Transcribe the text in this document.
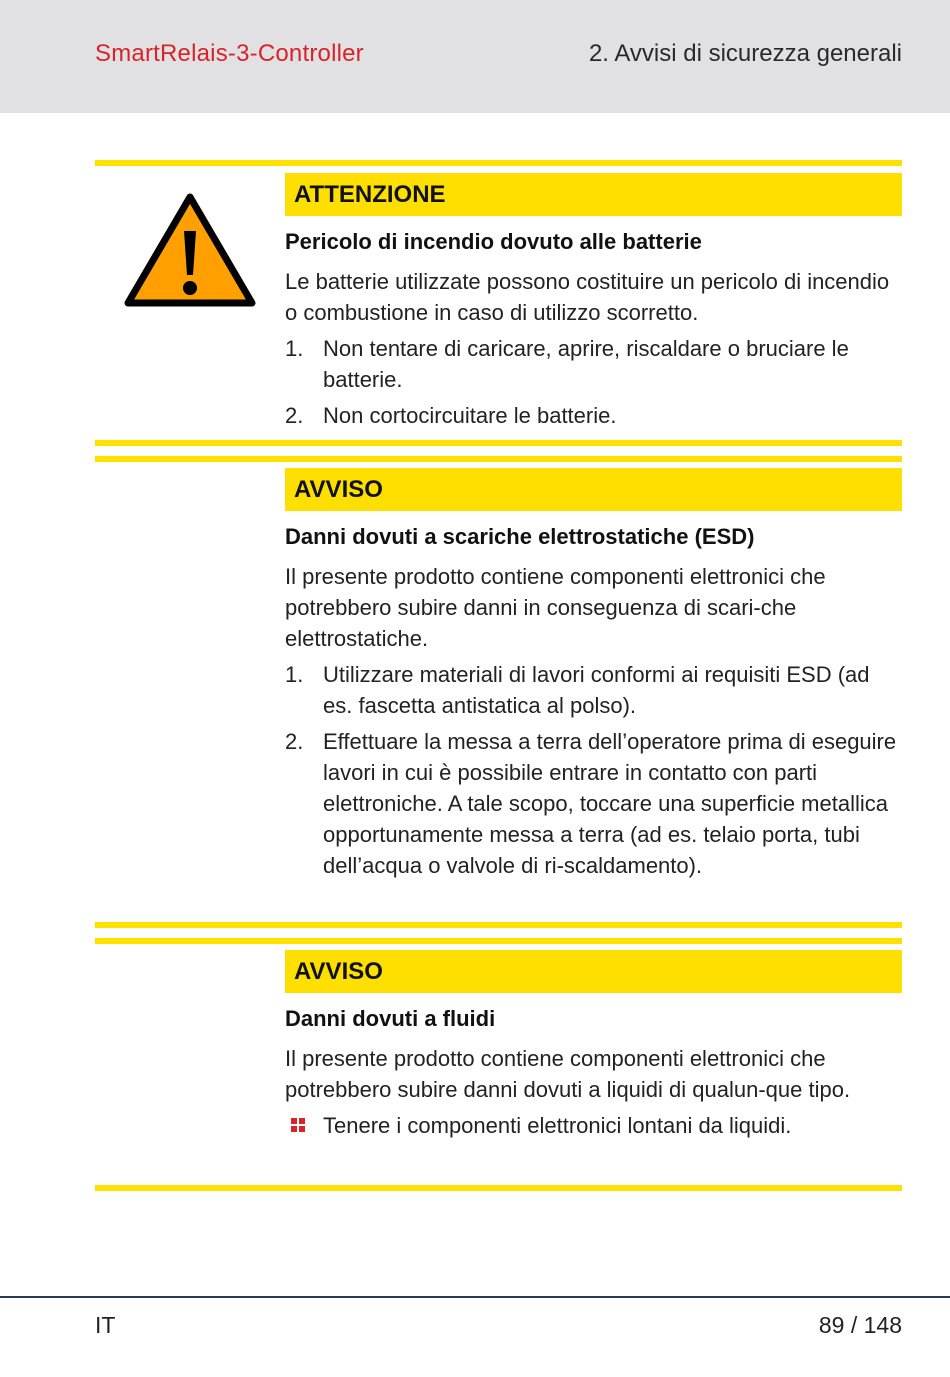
SmartRelais-3-Controller	2. Avvisi di sicurezza generali
ATTENZIONE
Pericolo di incendio dovuto alle batterie
Le batterie utilizzate possono costituire un pericolo di incendio o combustione in caso di utilizzo scorretto.
1. Non tentare di caricare, aprire, riscaldare o bruciare le batterie.
2. Non cortocircuitare le batterie.
AVVISO
Danni dovuti a scariche elettrostatiche (ESD)
Il presente prodotto contiene componenti elettronici che potrebbero subire danni in conseguenza di scari-che elettrostatiche.
1. Utilizzare materiali di lavori conformi ai requisiti ESD (ad es. fascetta antistatica al polso).
2. Effettuare la messa a terra dell’operatore prima di eseguire lavori in cui è possibile entrare in contatto con parti elettroniche. A tale scopo, toccare una superficie metallica opportunamente messa a terra (ad es. telaio porta, tubi dell’acqua o valvole di ri-scaldamento).
AVVISO
Danni dovuti a fluidi
Il presente prodotto contiene componenti elettronici che potrebbero subire danni dovuti a liquidi di qualun-que tipo.
Tenere i componenti elettronici lontani da liquidi.
IT	89 / 148
